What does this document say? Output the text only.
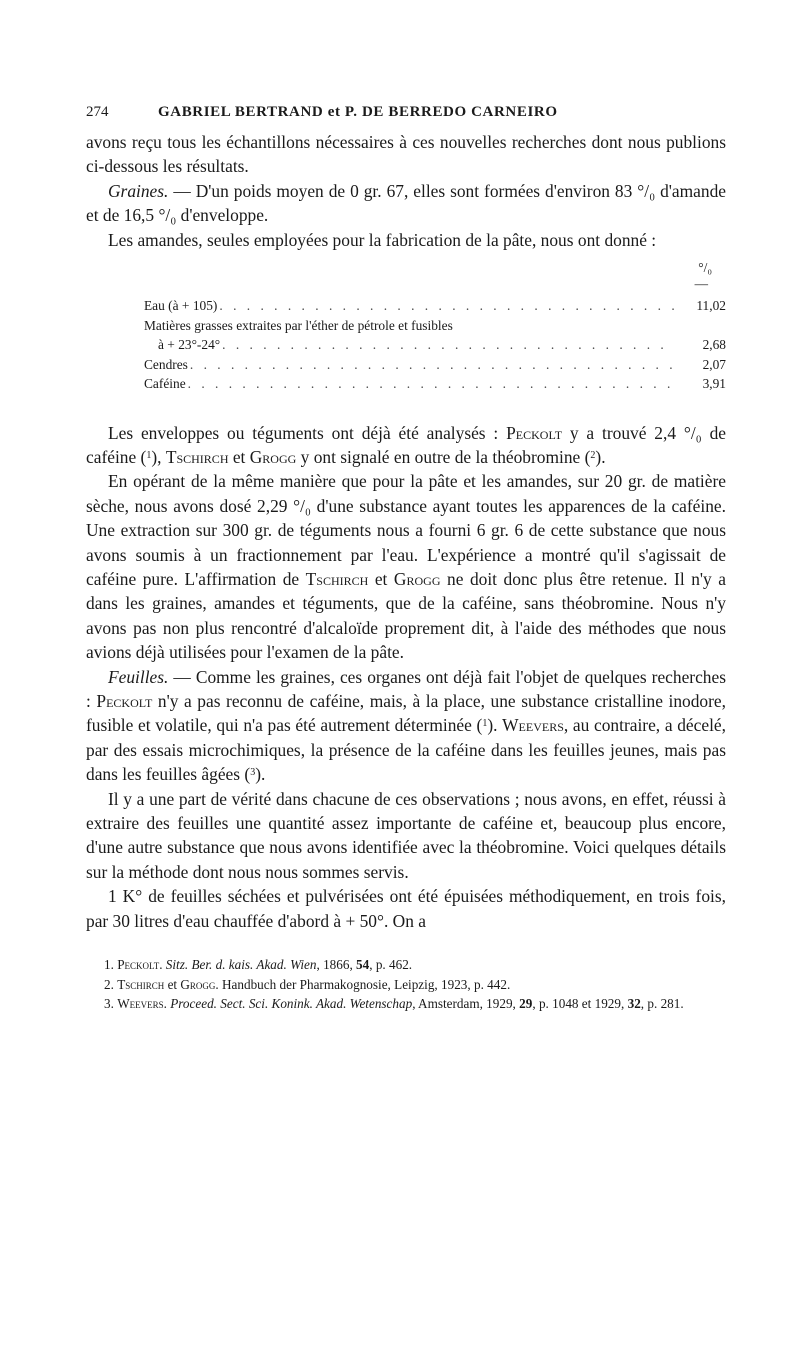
274	GABRIEL BERTRAND et P. DE BERREDO CARNEIRO

avons reçu tous les échantillons nécessaires à ces nouvelles recherches dont nous publions ci-dessous les résultats.

Graines. — D'un poids moyen de 0 gr. 67, elles sont formées d'environ 83 °/₀ d'amande et de 16,5 °/₀ d'enveloppe.

Les amandes, seules employées pour la fabrication de la pâte, nous ont donné :

°/₀
—
Eau (à + 105) . . .	11,02
Matières grasses extraites par l'éther de pétrole et fusibles
à + 23°-24° . . .	2,68
Cendres . . .	2,07
Caféine . . .	3,91

Les enveloppes ou téguments ont déjà été analysés : Peckolt y a trouvé 2,4 °/₀ de caféine ($^1$), Tschirch et Grogg y ont signalé en outre de la théobromine ($^2$).

En opérant de la même manière que pour la pâte et les amandes, sur 20 gr. de matière sèche, nous avons dosé 2,29 °/₀ d'une substance ayant toutes les apparences de la caféine. Une extraction sur 300 gr. de téguments nous a fourni 6 gr. 6 de cette substance que nous avons soumis à un fractionnement par l'eau. L'expérience a montré qu'il s'agissait de caféine pure. L'affirmation de Tschirch et Grogg ne doit donc plus être retenue. Il n'y a dans les graines, amandes et téguments, que de la caféine, sans théobromine. Nous n'y avons pas non plus rencontré d'alcaloïde proprement dit, à l'aide des méthodes que nous avions déjà utilisées pour l'examen de la pâte.

Feuilles. — Comme les graines, ces organes ont déjà fait l'objet de quelques recherches : Peckolt n'y a pas reconnu de caféine, mais, à la place, une substance cristalline inodore, fusible et volatile, qui n'a pas été autrement déterminée ($^1$). Weevers, au contraire, a décelé, par des essais microchimiques, la présence de la caféine dans les feuilles jeunes, mais pas dans les feuilles âgées ($^3$).

Il y a une part de vérité dans chacune de ces observations ; nous avons, en effet, réussi à extraire des feuilles une quantité assez importante de caféine et, beaucoup plus encore, d'une autre substance que nous avons identifiée avec la théobromine. Voici quelques détails sur la méthode dont nous nous sommes servis.

1 K° de feuilles séchées et pulvérisées ont été épuisées méthodiquement, en trois fois, par 30 litres d'eau chauffée d'abord à + 50°. On a

1. Peckolt. Sitz. Ber. d. kais. Akad. Wien, 1866, 54, p. 462.

2. Tschirch et Grogg. Handbuch der Pharmakognosie, Leipzig, 1923, p. 442.

3. Weevers. Proceed. Sect. Sci. Konink. Akad. Wetenschap, Amsterdam, 1929, 29, p. 1048 et 1929, 32, p. 281.
